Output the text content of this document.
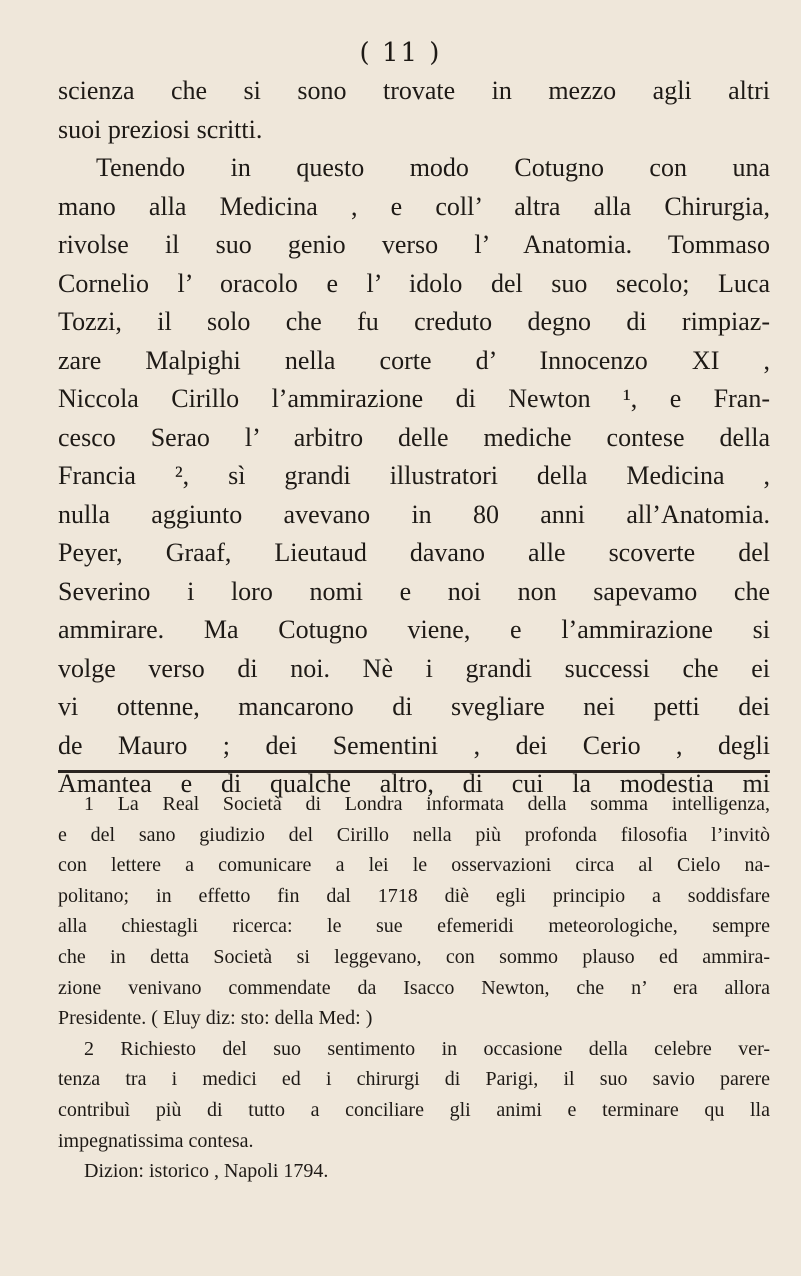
( 11 )
scienza che si sono trovate in mezzo agli altri
suoi preziosi scritti.
Tenendo in questo modo Cotugno con una
mano alla Medicina , e coll’ altra alla Chirurgia,
rivolse il suo genio verso l’ Anatomia. Tommaso
Cornelio l’ oracolo e l’ idolo del suo secolo; Luca
Tozzi, il solo che fu creduto degno di rimpiaz-
zare Malpighi nella corte d’ Innocenzo XI ,
Niccola Cirillo l’ammirazione di Newton ¹, e Fran-
cesco Serao l’ arbitro delle mediche contese della
Francia ², sì grandi illustratori della Medicina ,
nulla aggiunto avevano in 80 anni all’Anatomia.
Peyer, Graaf, Lieutaud davano alle scoverte del
Severino i loro nomi e noi non sapevamo che
ammirare. Ma Cotugno viene, e l’ammirazione si
volge verso di noi. Nè i grandi successi che ei
vi ottenne, mancarono di svegliare nei petti dei
de Mauro ; dei Sementini , dei Cerio , degli
Amantea e di qualche altro, di cui la modestia mi
1 La Real Società di Londra informata della somma intelligenza,
e del sano giudizio del Cirillo nella più profonda filosofia l’invitò
con lettere a comunicare a lei le osservazioni circa al Cielo na-
politano; in effetto fin dal 1718 diè egli principio a soddisfare
alla chiestagli ricerca: le sue efemeridi meteorologiche, sempre
che in detta Società si leggevano, con sommo plauso ed ammira-
zione venivano commendate da Isacco Newton, che n’ era allora
Presidente. ( Eluy diz: sto: della Med: )
2 Richiesto del suo sentimento in occasione della celebre ver-
tenza tra i medici ed i chirurgi di Parigi, il suo savio parere
contribuì più di tutto a conciliare gli animi e terminare qu lla
impegnatissima contesa.
Dizion: istorico , Napoli 1794.
